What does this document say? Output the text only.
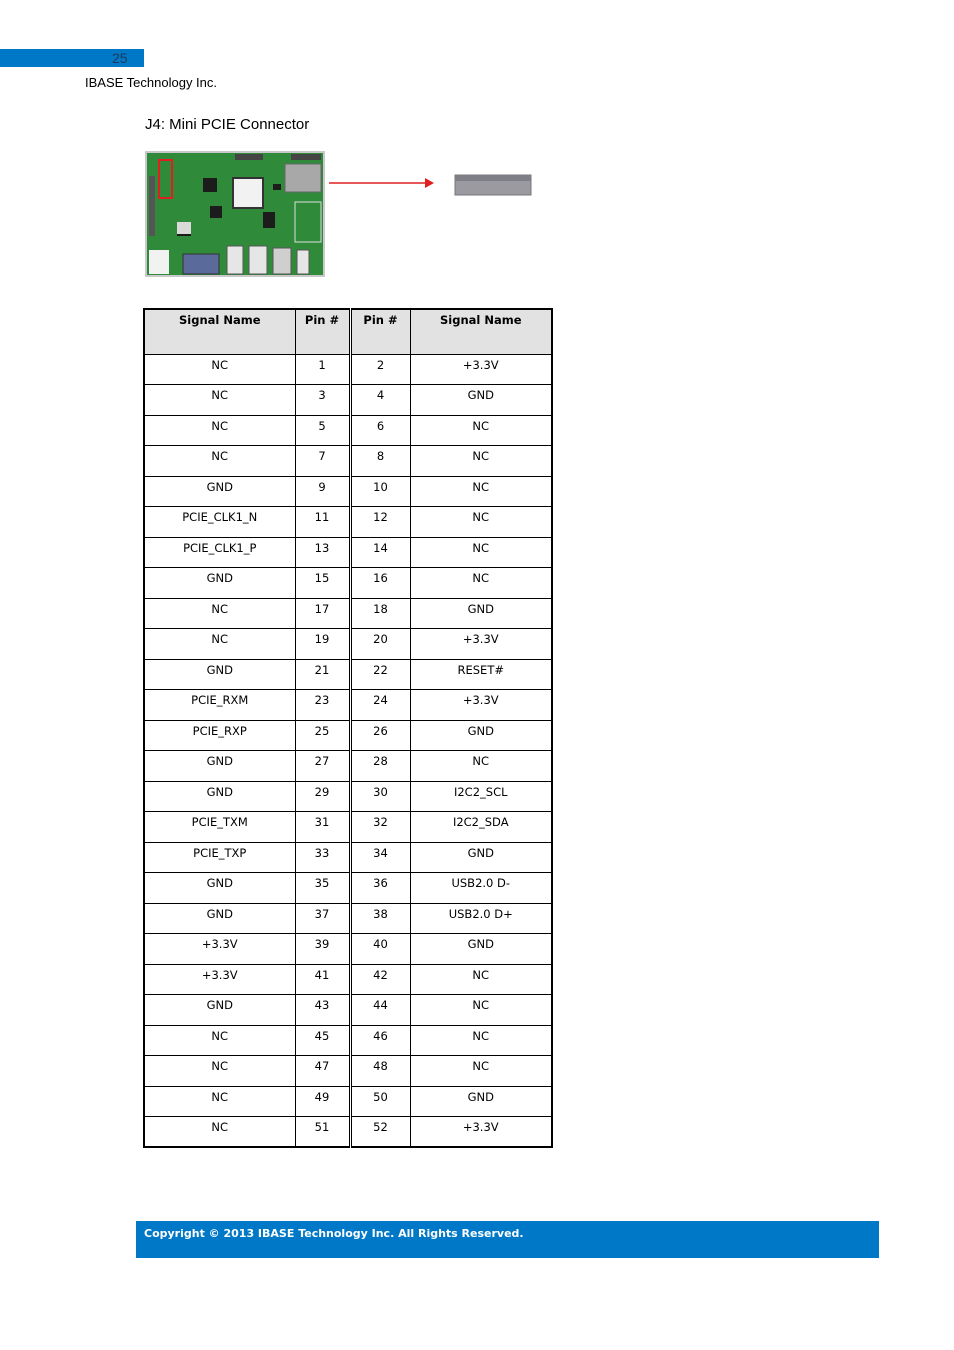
25
IBASE Technology Inc.
J4: Mini PCIE Connector
Signal Name	Pin #	Pin #	Signal Name
NC	1	2	+3.3V
NC	3	4	GND
NC	5	6	NC
NC	7	8	NC
GND	9	10	NC
PCIE_CLK1_N	11	12	NC
PCIE_CLK1_P	13	14	NC
GND	15	16	NC
NC	17	18	GND
NC	19	20	+3.3V
GND	21	22	RESET#
PCIE_RXM	23	24	+3.3V
PCIE_RXP	25	26	GND
GND	27	28	NC
GND	29	30	I2C2_SCL
PCIE_TXM	31	32	I2C2_SDA
PCIE_TXP	33	34	GND
GND	35	36	USB2.0 D-
GND	37	38	USB2.0 D+
+3.3V	39	40	GND
+3.3V	41	42	NC
GND	43	44	NC
NC	45	46	NC
NC	47	48	NC
NC	49	50	GND
NC	51	52	+3.3V
Copyright © 2013 IBASE Technology Inc. All Rights Reserved.
